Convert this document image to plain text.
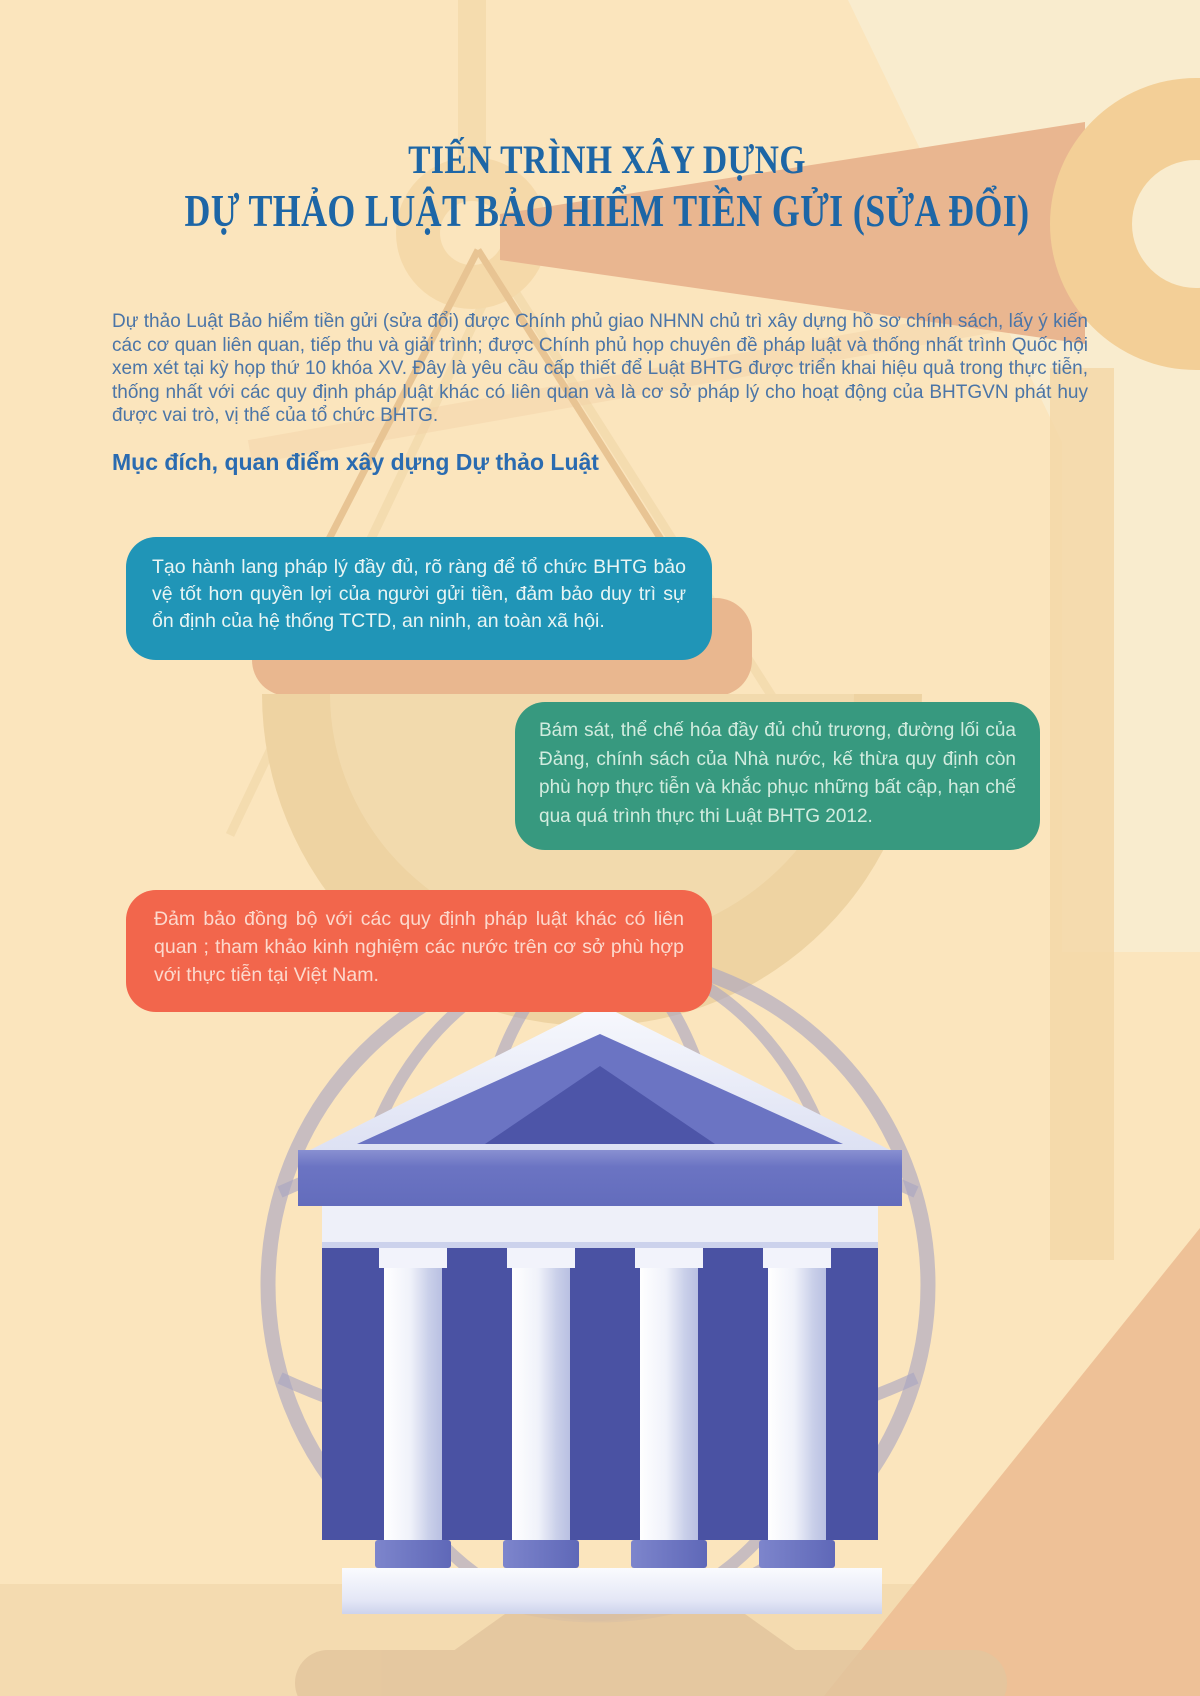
TIẾN TRÌNH XÂY DỰNG
DỰ THẢO LUẬT BẢO HIỂM TIỀN GỬI (SỬA ĐỔI)

Dự thảo Luật Bảo hiểm tiền gửi (sửa đổi) được Chính phủ giao NHNN chủ trì xây dựng hồ sơ chính sách, lấy ý kiến các cơ quan liên quan, tiếp thu và giải trình; được Chính phủ họp chuyên đề pháp luật và thống nhất trình Quốc hội xem xét tại kỳ họp thứ 10 khóa XV. Đây là yêu cầu cấp thiết để Luật BHTG được triển khai hiệu quả trong thực tiễn, thống nhất với các quy định pháp luật khác có liên quan và là cơ sở pháp lý cho hoạt động của BHTGVN phát huy được vai trò, vị thế của tổ chức BHTG.

Mục đích, quan điểm xây dựng Dự thảo Luật

Tạo hành lang pháp lý đầy đủ, rõ ràng để tổ chức BHTG bảo vệ tốt hơn quyền lợi của người gửi tiền, đảm bảo duy trì sự ổn định của hệ thống TCTD, an ninh, an toàn xã hội.

Bám sát, thể chế hóa đầy đủ chủ trương, đường lối của Đảng, chính sách của Nhà nước, kế thừa quy định còn phù hợp thực tiễn và khắc phục những bất cập, hạn chế qua quá trình thực thi Luật BHTG 2012.

Đảm bảo đồng bộ với các quy định pháp luật khác có liên quan ; tham khảo kinh nghiệm các nước trên cơ sở phù hợp với thực tiễn tại Việt Nam.
